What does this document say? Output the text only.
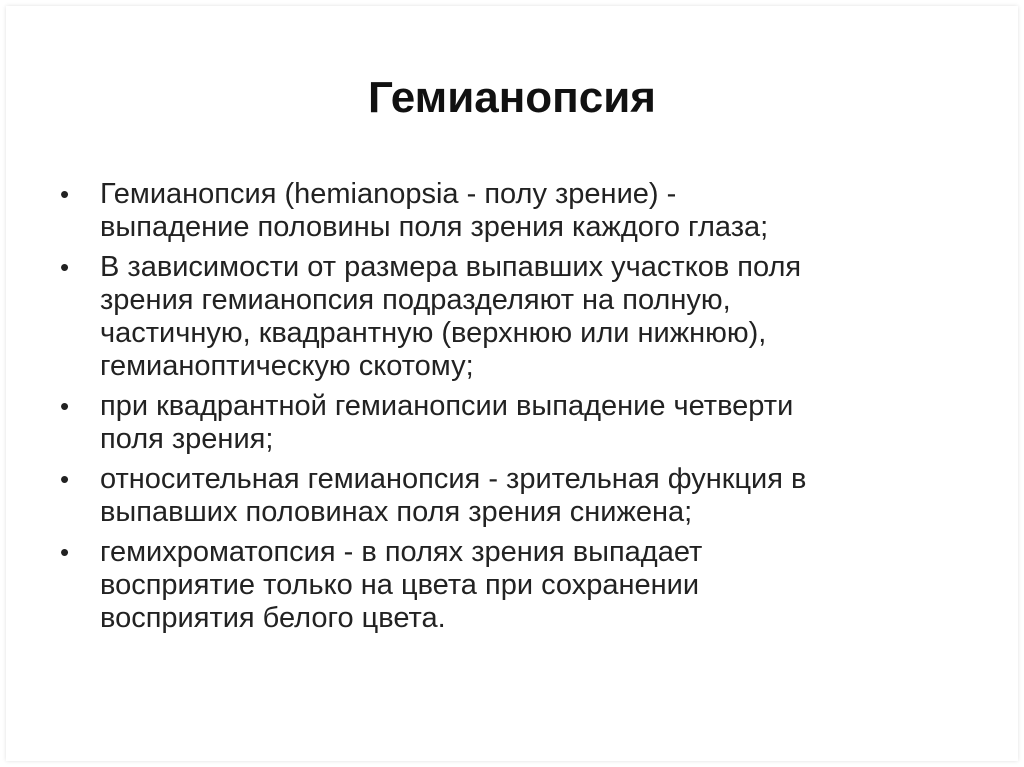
Гемианопсия
•	Гемианопсия (hemianopsia - полу зрение) -
выпадение половины поля зрения каждого глаза;
•	В зависимости от размера выпавших участков поля
зрения гемианопсия подразделяют на полную,
частичную, квадрантную (верхнюю или нижнюю),
гемианоптическую скотому;
•	при квадрантной гемианопсии выпадение четверти
поля зрения;
•	относительная гемианопсия - зрительная функция в
выпавших половинах поля зрения снижена;
•	гемихроматопсия - в полях зрения выпадает
восприятие только на цвета при сохранении
восприятия белого цвета.
